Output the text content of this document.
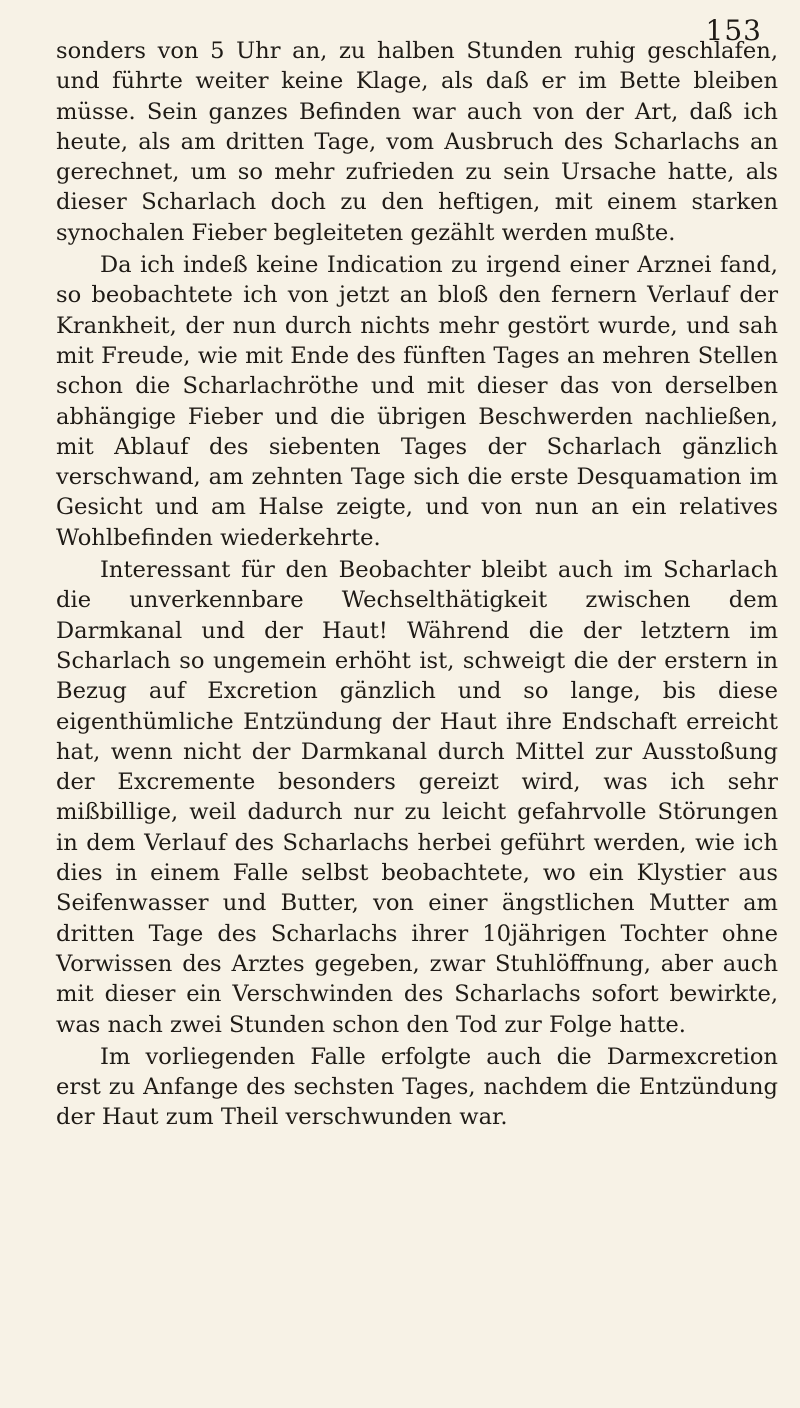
153

sonders von 5 Uhr an, zu halben Stunden ruhig geschlafen, und führte weiter keine Klage, als daß er im Bette bleiben müsse. Sein ganzes Befinden war auch von der Art, daß ich heute, als am dritten Tage, vom Ausbruch des Scharlachs an gerechnet, um so mehr zufrieden zu sein Ursache hatte, als dieser Scharlach doch zu den heftigen, mit einem starken synochalen Fieber begleiteten gezählt werden mußte.

Da ich indeß keine Indication zu irgend einer Arznei fand, so beobachtete ich von jetzt an bloß den fernern Verlauf der Krankheit, der nun durch nichts mehr gestört wurde, und sah mit Freude, wie mit Ende des fünften Tages an mehren Stellen schon die Scharlachröthe und mit dieser das von derselben abhängige Fieber und die übrigen Beschwerden nachließen, mit Ablauf des siebenten Tages der Scharlach gänzlich verschwand, am zehnten Tage sich die erste Desquamation im Gesicht und am Halse zeigte, und von nun an ein relatives Wohlbefinden wiederkehrte.

Interessant für den Beobachter bleibt auch im Scharlach die unverkennbare Wechselthätigkeit zwischen dem Darmkanal und der Haut! Während die der letztern im Scharlach so ungemein erhöht ist, schweigt die der erstern in Bezug auf Excretion gänzlich und so lange, bis diese eigenthümliche Entzündung der Haut ihre Endschaft erreicht hat, wenn nicht der Darmkanal durch Mittel zur Ausstoßung der Excremente besonders gereizt wird, was ich sehr mißbillige, weil dadurch nur zu leicht gefahrvolle Störungen in dem Verlauf des Scharlachs herbei geführt werden, wie ich dies in einem Falle selbst beobachtete, wo ein Klystier aus Seifenwasser und Butter, von einer ängstlichen Mutter am dritten Tage des Scharlachs ihrer 10jährigen Tochter ohne Vorwissen des Arztes gegeben, zwar Stuhlöffnung, aber auch mit dieser ein Verschwinden des Scharlachs sofort bewirkte, was nach zwei Stunden schon den Tod zur Folge hatte.

Im vorliegenden Falle erfolgte auch die Darmexcretion erst zu Anfange des sechsten Tages, nachdem die Entzündung der Haut zum Theil verschwunden war.
